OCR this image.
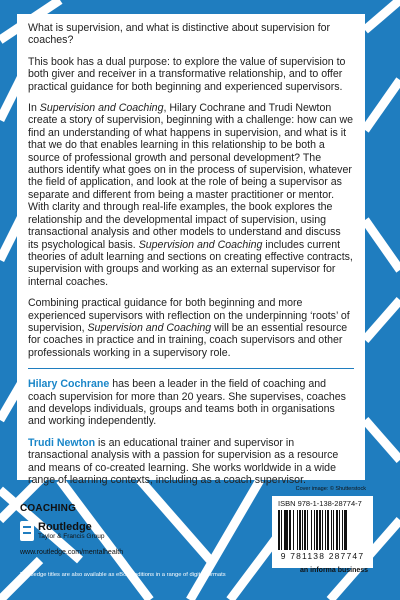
What is supervision, and what is distinctive about supervision for coaches?

This book has a dual purpose: to explore the value of supervision to both giver and receiver in a transformative relationship, and to offer practical guidance for both beginning and experienced supervisors.

In Supervision and Coaching, Hilary Cochrane and Trudi Newton create a story of supervision, beginning with a challenge: how can we find an understanding of what happens in supervision, and what is it that we do that enables learning in this relationship to be both a source of professional growth and personal development? The authors identify what goes on in the process of supervision, whatever the field of application, and look at the role of being a supervisor as separate and different from being a master practitioner or mentor. With clarity and through real-life examples, the book explores the relationship and the developmental impact of supervision, using transactional analysis and other models to understand and discuss its psychological basis. Supervision and Coaching includes current theories of adult learning and sections on creating effective contracts, supervision with groups and working as an external supervisor for internal coaches.

Combining practical guidance for both beginning and more experienced supervisors with reflection on the underpinning ‘roots’ of supervision, Supervision and Coaching will be an essential resource for coaches in practice and in training, coach supervisors and other professionals working in a supervisory role.

Hilary Cochrane has been a leader in the field of coaching and coach supervision for more than 20 years. She supervises, coaches and develops individuals, groups and teams both in organisations and working independently.

Trudi Newton is an educational trainer and supervisor in transactional analysis with a passion for supervision as a resource and means of co-created learning. She works worldwide in a wide range of learning contexts, including as a coach supervisor.

COACHING
Routledge
Taylor & Francis Group
www.routledge.com/mentalhealth
Routledge titles are also available as eBook editions in a range of digital formats
Cover image: © Shutterstock
ISBN 978-1-138-28774-7
9 781138 287747
an informa business
